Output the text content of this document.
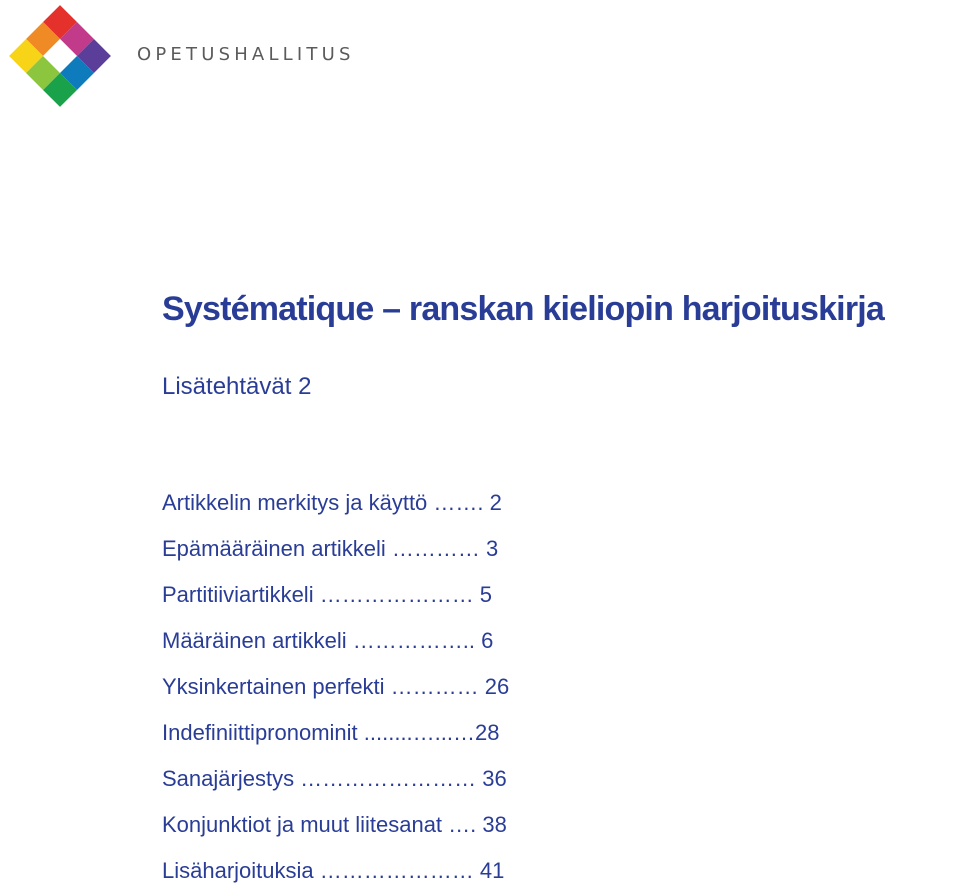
OPETUSHALLITUS
Systématique – ranskan kieliopin harjoituskirja
Lisätehtävät 2
Artikkelin merkitys ja käyttö ……. 2
Epämääräinen artikkeli ………… 3
Partitiiviartikkeli ………………… 5
Määräinen artikkeli …………….. 6
Yksinkertainen perfekti ………… 26
Indefiniittipronominit ........…...…28
Sanajärjestys …………………… 36
Konjunktiot ja muut liitesanat …. 38
Lisäharjoituksia ………………… 41
